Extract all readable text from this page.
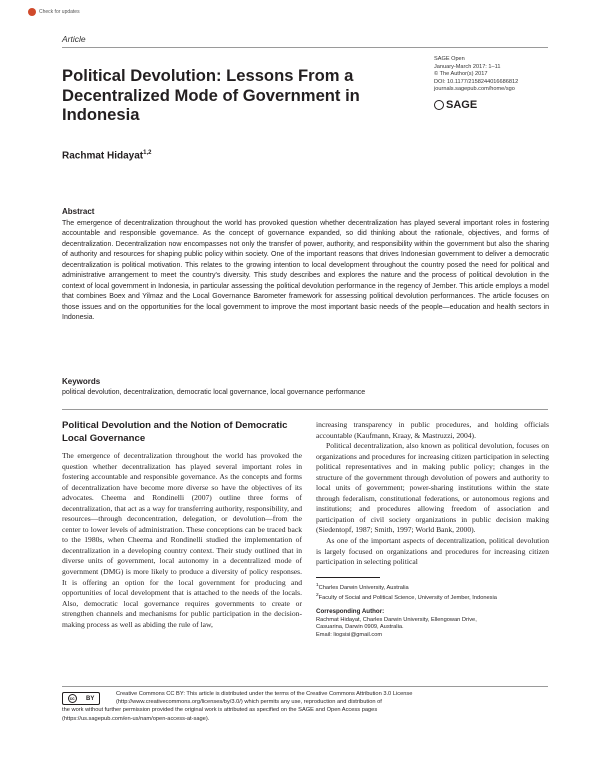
Check for updates
Article
SAGE Open
January-March 2017: 1–11
© The Author(s) 2017
DOI: 10.1177/2158244016686812
journals.sagepub.com/home/sgo
SAGE
Political Devolution: Lessons From a Decentralized Mode of Government in Indonesia
Rachmat Hidayat$^{1,2}$
Abstract
The emergence of decentralization throughout the world has provoked question whether decentralization has played several important roles in fostering accountable and responsible governance. As the concept of governance expanded, so did thinking about the rationale, objectives, and forms of decentralization. Decentralization now encompasses not only the transfer of power, authority, and responsibility within the government but also the sharing of authority and resources for shaping public policy within society. One of the important reasons that drives Indonesian government to deliver a democratic decentralization is political motivation. This relates to the growing intention to local development throughout the country posed the need for political and administrative arrangement to meet the country's diversity. This study describes and explores the nature and the process of political devolution in the context of local government in Indonesia, in particular assessing the political devolution performance in the regency of Jember. This article employs a model that combines Boex and Yilmaz and the Local Governance Barometer framework for assessing political devolution performances. The article focuses on those issues and on the opportunities for the local government to improve the most important basic needs of the people—education and health sectors in Indonesia.
Keywords
political devolution, decentralization, democratic local governance, local governance performance
Political Devolution and the Notion of Democratic Local Governance

The emergence of decentralization throughout the world has provoked the question whether decentralization has played several important roles in fostering accountable and responsible governance. As the concepts and forms of decentralization have become more diverse so have the objectives of its advocates. Cheema and Rondinelli (2007) outline three forms of decentralization, that act as a way for transferring authority, responsibility, and resources—through deconcentration, delegation, or devolution—from the center to lower levels of administration. These conceptions can be traced back to the 1980s, when Cheema and Rondinelli studied the implementation of decentralization in a developing country context. Their study outlined that in diverse units of government, local autonomy in a decentralized mode of government (DMG) is more likely to produce a diversity of policy responses. It is offering an option for the local government for producing and opportunities of local development that is attached to the needs of the locals. Also, democratic local governance requires governments to create or strengthen channels and mechanisms for public participation in the decision-making process as well as abiding the rule of law,

increasing transparency in public procedures, and holding officials accountable (Kaufmann, Kraay, & Mastruzzi, 2004).

Political decentralization, also known as political devolution, focuses on organizations and procedures for increasing citizen participation in selecting political representatives and in making public policy; changes in the structure of the government through devolution of powers and authority to local units of government; power-sharing institutions within the state through federalism, constitutional federations, or autonomous regions and institutions; and procedures allowing freedom of association and participation of civil society organizations in public decision making (Siedentopf, 1987; Smith, 1997; World Bank, 2000).

As one of the important aspects of decentralization, political devolution is largely focused on organizations and procedures for increasing citizen participation in selecting political

$^1$Charles Darwin University, Australia
$^2$Faculty of Social and Political Science, University of Jember, Indonesia
Corresponding Author:
Rachmat Hidayat, Charles Darwin University, Ellengowan Drive,
Casuarina, Darwin 0909, Australia.
Email: liogsisi@gmail.com
cc	BY
Creative Commons CC BY: This article is distributed under the terms of the Creative Commons Attribution 3.0 License
(http://www.creativecommons.org/licenses/by/3.0/) which permits any use, reproduction and distribution of
the work without further permission provided the original work is attributed as specified on the SAGE and Open Access pages
(https://us.sagepub.com/en-us/nam/open-access-at-sage).
